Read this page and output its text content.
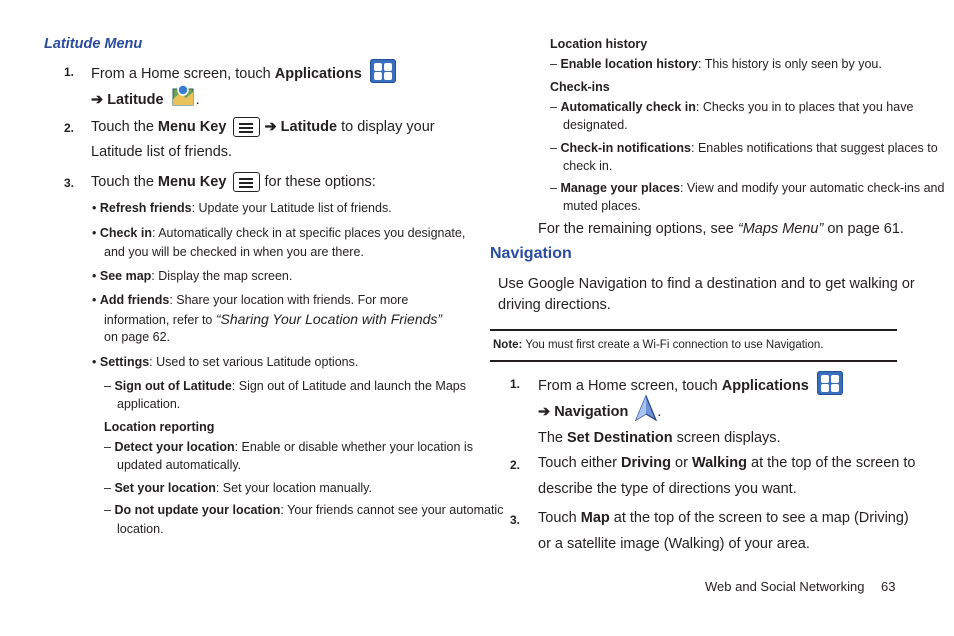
Latitude Menu
1. From a Home screen, touch Applications
➔ Latitude .
2. Touch the Menu Key
➔ Latitude to display your
Latitude list of friends.
3. Touch the Menu Key
for these options:
• Refresh friends: Update your Latitude list of friends.
• Check in: Automatically check in at specific places you designate,
and you will be checked in when you are there.
• See map: Display the map screen.
• Add friends: Share your location with friends. For more
information, refer to “Sharing Your Location with Friends”
on page 62.
• Settings: Used to set various Latitude options.
– Sign out of Latitude: Sign out of Latitude and launch the Maps
application.
Location reporting
– Detect your location: Enable or disable whether your location is
updated automatically.
– Set your location: Set your location manually.
– Do not update your location: Your friends cannot see your automatic
location.
Location history
– Enable location history: This history is only seen by you.
Check-ins
– Automatically check in: Checks you in to places that you have
designated.
– Check-in notifications: Enables notifications that suggest places to
check in.
– Manage your places: View and modify your automatic check-ins and
muted places.
For the remaining options, see “Maps Menu” on page 61.
Navigation
Use Google Navigation to find a destination and to get walking or
driving directions.
Note: You must first create a Wi-Fi connection to use Navigation.
1. From a Home screen, touch Applications
➔ Navigation .
The Set Destination screen displays.
2. Touch either Driving or Walking at the top of the screen to
describe the type of directions you want.
3. Touch Map at the top of the screen to see a map (Driving)
or a satellite image (Walking) of your area.
Web and Social Networking 63
